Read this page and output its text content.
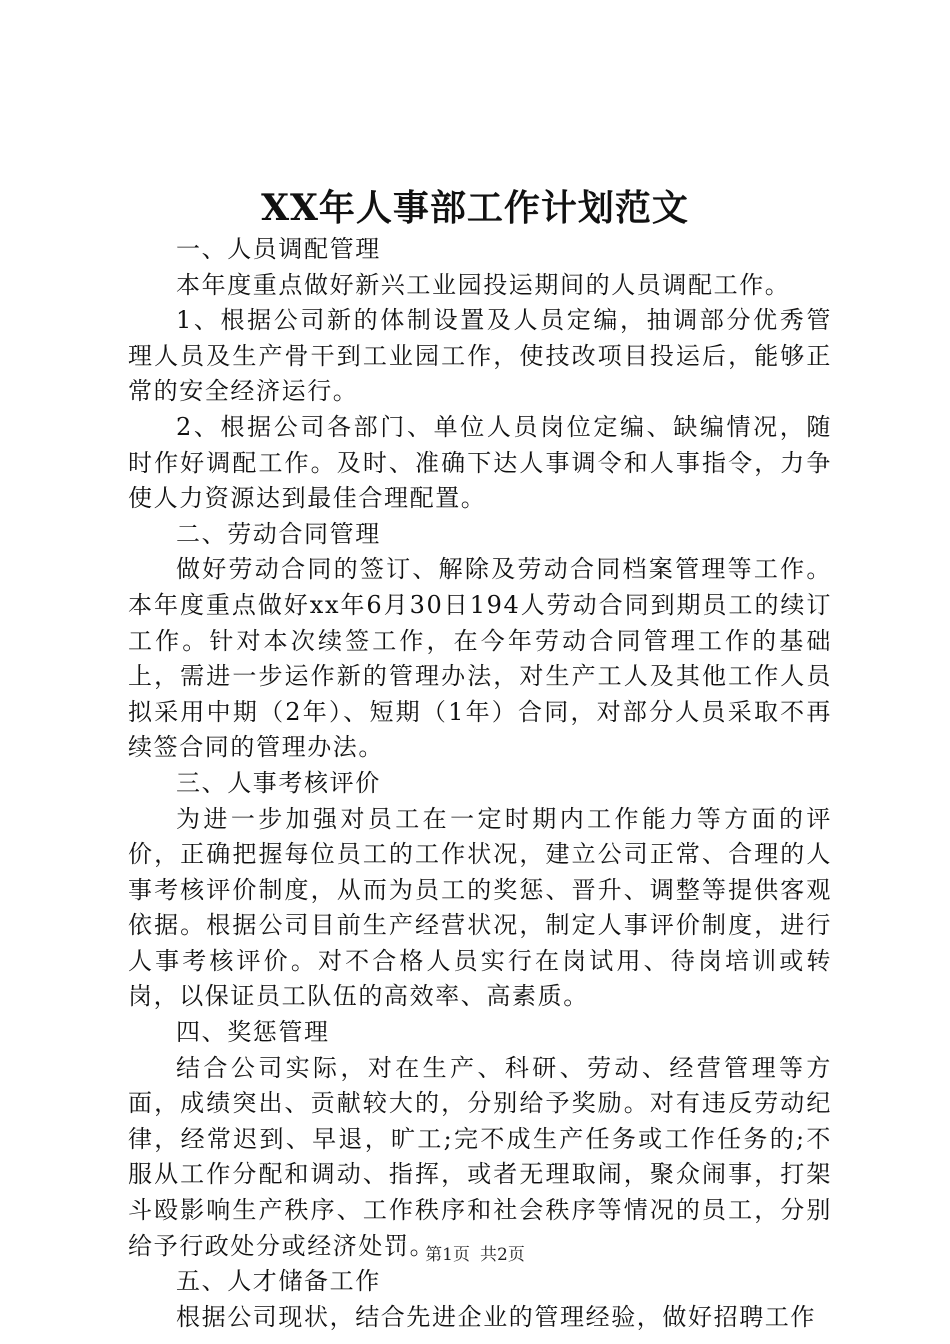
XX年人事部工作计划范文

一、人员调配管理

本年度重点做好新兴工业园投运期间的人员调配工作。

1、根据公司新的体制设置及人员定编，抽调部分优秀管理人员及生产骨干到工业园工作，使技改项目投运后，能够正常的安全经济运行。

2、根据公司各部门、单位人员岗位定编、缺编情况，随时作好调配工作。及时、准确下达人事调令和人事指令，力争使人力资源达到最佳合理配置。

二、劳动合同管理

做好劳动合同的签订、解除及劳动合同档案管理等工作。本年度重点做好xx年6月30日194人劳动合同到期员工的续订工作。针对本次续签工作，在今年劳动合同管理工作的基础上，需进一步运作新的管理办法，对生产工人及其他工作人员拟采用中期（2年）、短期（1年）合同，对部分人员采取不再续签合同的管理办法。

三、人事考核评价

为进一步加强对员工在一定时期内工作能力等方面的评价，正确把握每位员工的工作状况，建立公司正常、合理的人事考核评价制度，从而为员工的奖惩、晋升、调整等提供客观依据。根据公司目前生产经营状况，制定人事评价制度，进行人事考核评价。对不合格人员实行在岗试用、待岗培训或转岗，以保证员工队伍的高效率、高素质。

四、奖惩管理

结合公司实际，对在生产、科研、劳动、经营管理等方面，成绩突出、贡献较大的，分别给予奖励。对有违反劳动纪律，经常迟到、早退，旷工;完不成生产任务或工作任务的;不服从工作分配和调动、指挥，或者无理取闹，聚众闹事，打架斗殴影响生产秩序、工作秩序和社会秩序等情况的员工，分别给予行政处分或经济处罚。

五、人才储备工作

根据公司现状，结合先进企业的管理经验，做好招聘工作

第1页 共2页
